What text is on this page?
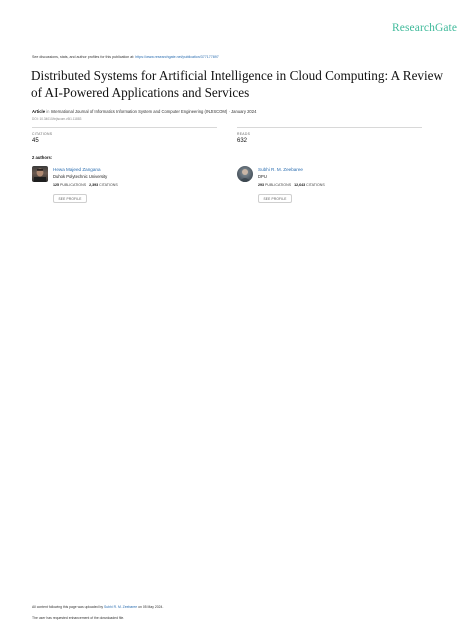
ResearchGate
See discussions, stats, and author profiles for this publication at: https://www.researchgate.net/publication/377177897
Distributed Systems for Artificial Intelligence in Cloud Computing: A Review of AI-Powered Applications and Services
Article in International Journal of Informatics Information System and Computer Engineering (INJISCOM) · January 2024
DOI: 10.34010/injiscom.v5i1.11883
CITATIONS
45
READS
632
2 authors:
Hewa Majeed Zangana
Duhok Polytechnic University
125 PUBLICATIONS 2,393 CITATIONS
SEE PROFILE
Subhi R. M. Zeebaree
DPU
293 PUBLICATIONS 12,643 CITATIONS
SEE PROFILE
All content following this page was uploaded by Subhi R. M. Zeebaree on 05 May 2024.
The user has requested enhancement of the downloaded file.
